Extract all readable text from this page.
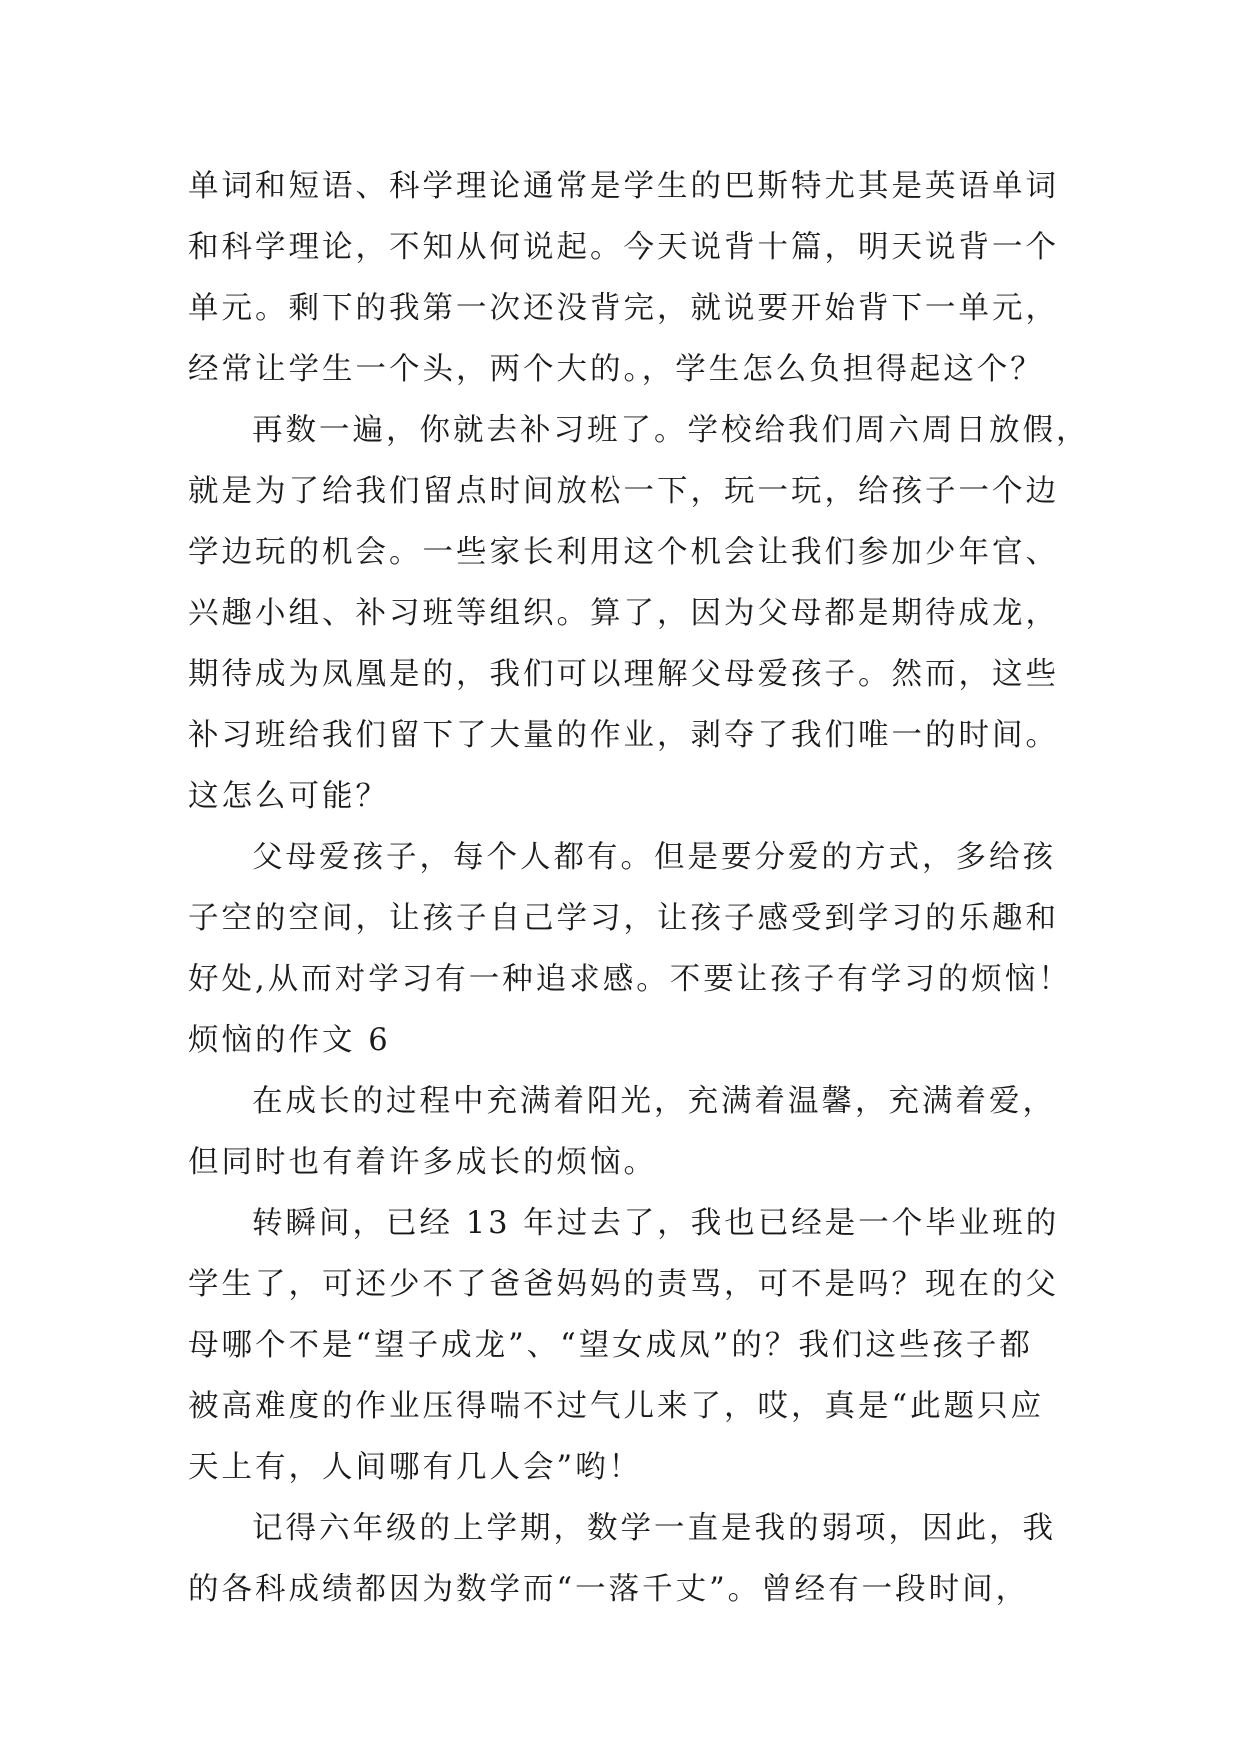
单词和短语、科学理论通常是学生的巴斯特尤其是英语单词
和科学理论，不知从何说起。今天说背十篇，明天说背一个
单元。剩下的我第一次还没背完，就说要开始背下一单元，
经常让学生一个头，两个大的。，学生怎么负担得起这个？
再数一遍，你就去补习班了。学校给我们周六周日放假，
就是为了给我们留点时间放松一下，玩一玩，给孩子一个边
学边玩的机会。一些家长利用这个机会让我们参加少年官、
兴趣小组、补习班等组织。算了，因为父母都是期待成龙，
期待成为凤凰是的，我们可以理解父母爱孩子。然而，这些
补习班给我们留下了大量的作业，剥夺了我们唯一的时间。
这怎么可能？
父母爱孩子，每个人都有。但是要分爱的方式，多给孩
子空的空间，让孩子自己学习，让孩子感受到学习的乐趣和
好处,从而对学习有一种追求感。不要让孩子有学习的烦恼！
烦恼的作文 6
在成长的过程中充满着阳光，充满着温馨，充满着爱，
但同时也有着许多成长的烦恼。
转瞬间，已经 13 年过去了，我也已经是一个毕业班的
学生了，可还少不了爸爸妈妈的责骂，可不是吗？现在的父
母哪个不是“望子成龙”、“望女成凤”的？我们这些孩子都
被高难度的作业压得喘不过气儿来了，哎，真是“此题只应
天上有，人间哪有几人会”哟！
记得六年级的上学期，数学一直是我的弱项，因此，我
的各科成绩都因为数学而“一落千丈”。曾经有一段时间，
